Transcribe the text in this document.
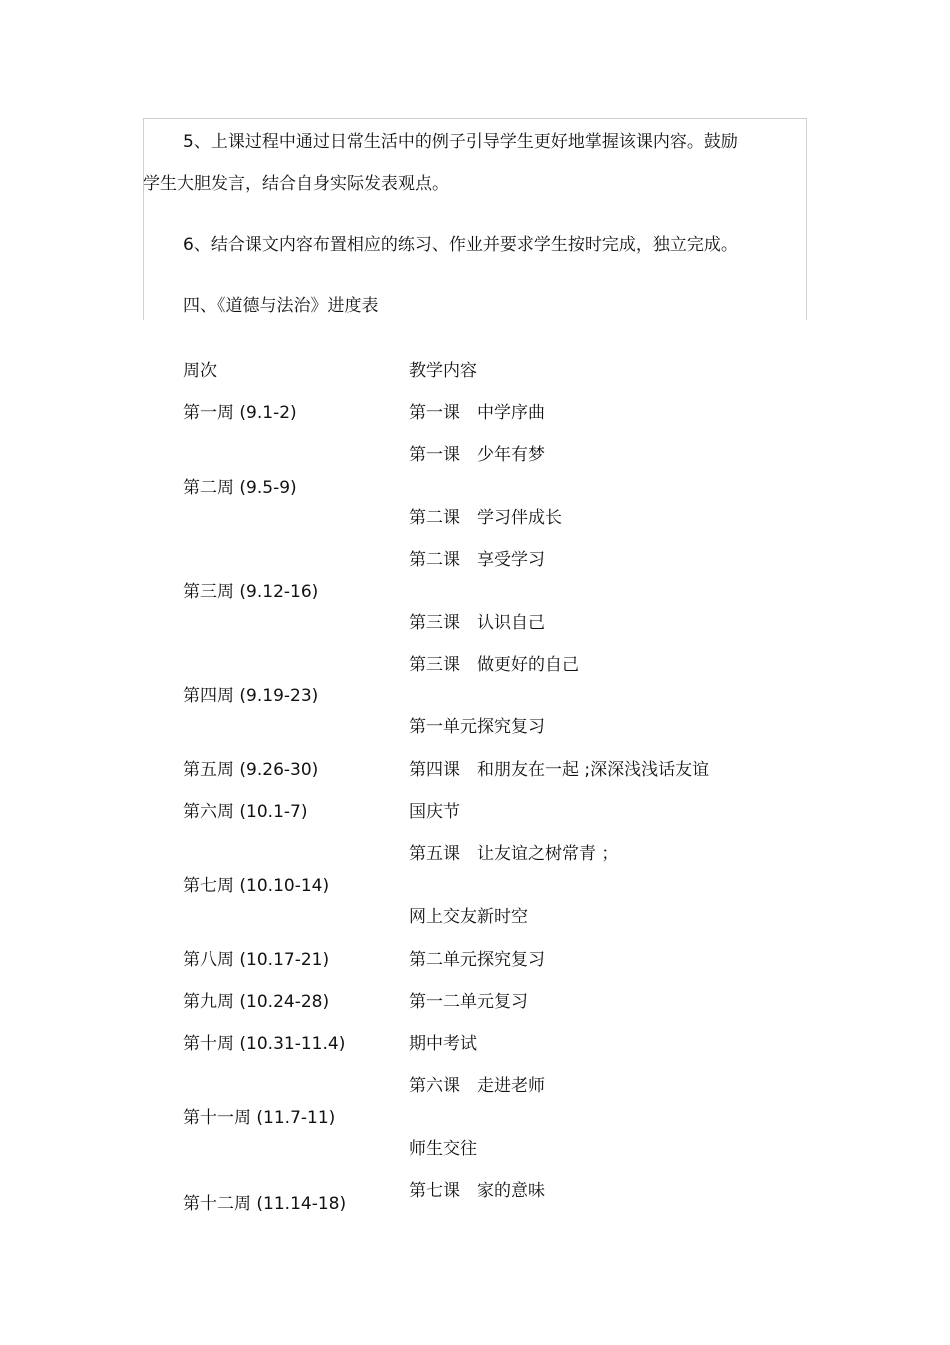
5、上课过程中通过日常生活中的例子引导学生更好地掌握该课内容。鼓励
学生大胆发言，结合自身实际发表观点。
6、结合课文内容布置相应的练习、作业并要求学生按时完成，独立完成。
四、《道德与法治》进度表
周次	教学内容
第一周 (9.1-2)
第二周 (9.5-9)
第三周 (9.12-16)
第四周 (9.19-23)
第五周 (9.26-30)
第六周 (10.1-7)
第七周 (10.10-14)
第八周 (10.17-21)
第九周 (10.24-28)
第十周 (10.31-11.4)
第十一周 (11.7-11)
第十二周 (11.14-18)
第一课　中学序曲
第一课　少年有梦
第二课　学习伴成长
第二课　享受学习
第三课　认识自己
第三课　做更好的自己
第一单元探究复习
第四课　和朋友在一起 ;深深浅浅话友谊
国庆节
第五课　让友谊之树常青 ；
网上交友新时空
第二单元探究复习
第一二单元复习
期中考试
第六课　走进老师
师生交往
第七课　家的意味
